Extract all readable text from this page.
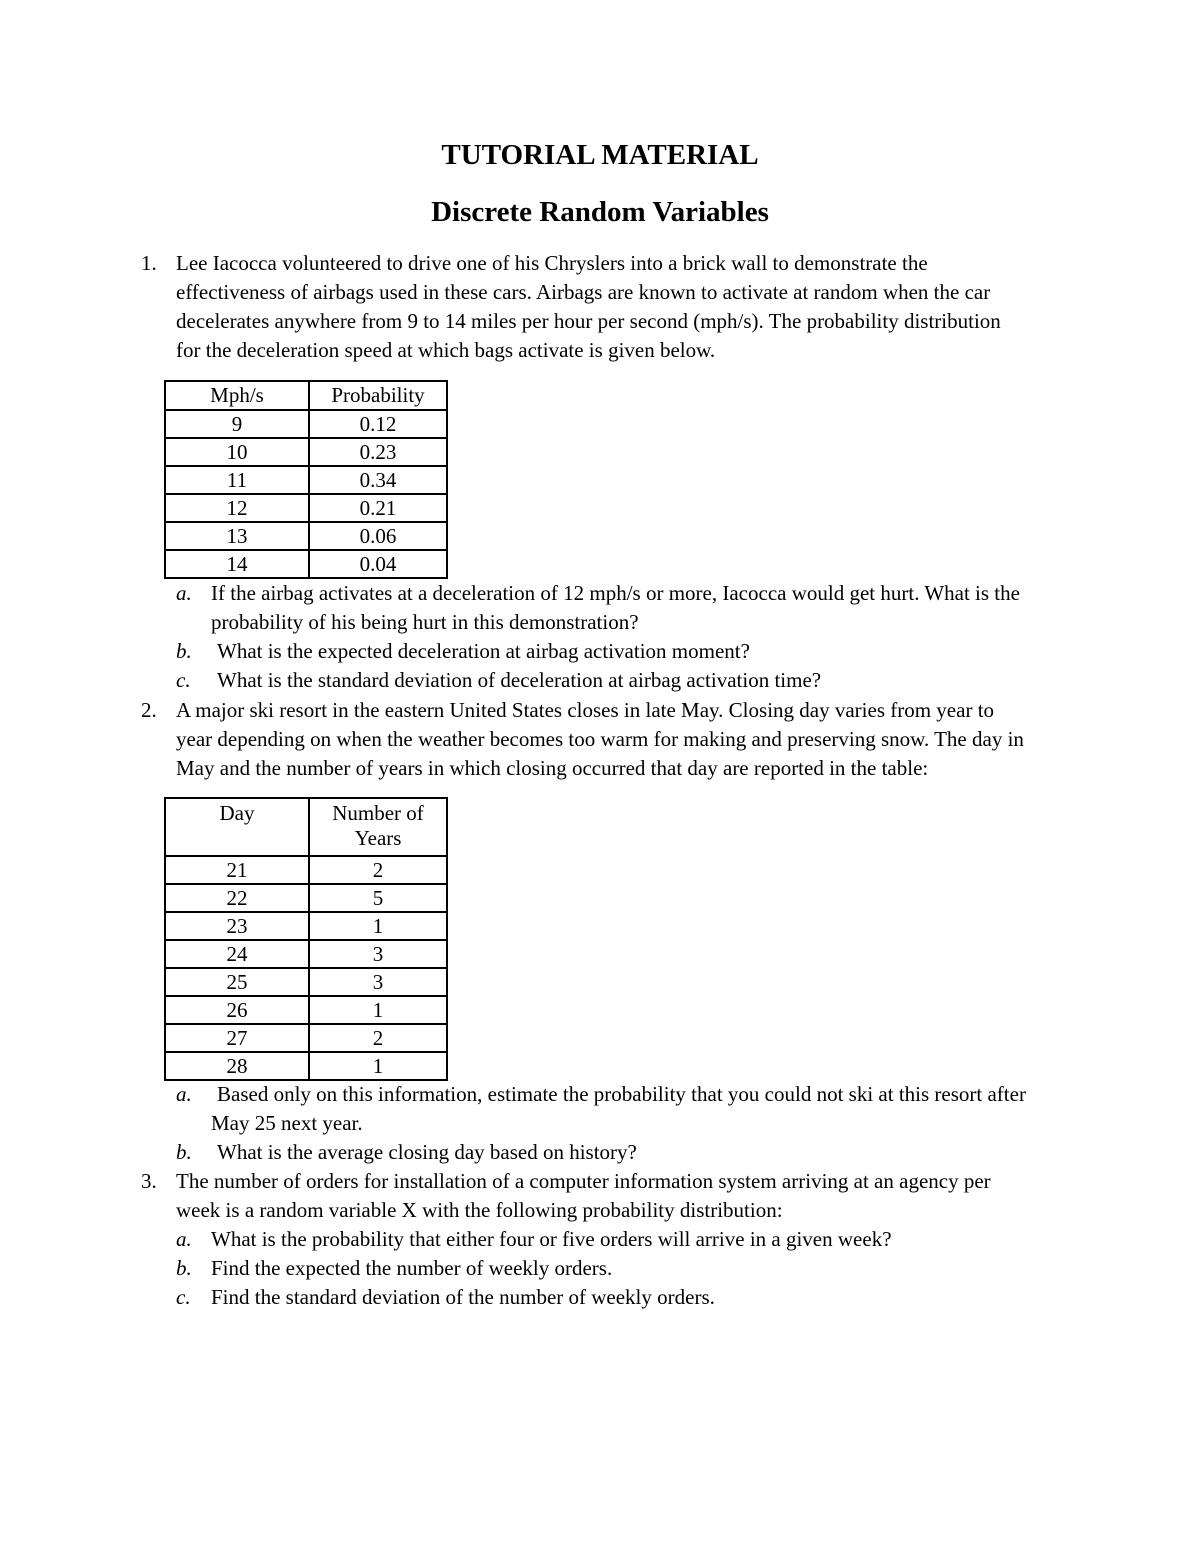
TUTORIAL MATERIAL
Discrete Random Variables
1. Lee Iacocca volunteered to drive one of his Chryslers into a brick wall to demonstrate the
effectiveness of airbags used in these cars. Airbags are known to activate at random when the car
decelerates anywhere from 9 to 14 miles per hour per second (mph/s). The probability distribution
for the deceleration speed at which bags activate is given below.
Mph/s	Probability
9	0.12
10	0.23
11	0.34
12	0.21
13	0.06
14	0.04
a. If the airbag activates at a deceleration of 12 mph/s or more, Iacocca would get hurt. What is the
probability of his being hurt in this demonstration?
b. What is the expected deceleration at airbag activation moment?
c. What is the standard deviation of deceleration at airbag activation time?
2. A major ski resort in the eastern United States closes in late May. Closing day varies from year to
year depending on when the weather becomes too warm for making and preserving snow. The day in
May and the number of years in which closing occurred that day are reported in the table:
Day	Number of
Years

21	2
22	5
23	1
24	3
25	3
26	1
27	2
28	1
a. Based only on this information, estimate the probability that you could not ski at this resort after
May 25 next year.
b. What is the average closing day based on history?
3. The number of orders for installation of a computer information system arriving at an agency per
week is a random variable X with the following probability distribution:
a. What is the probability that either four or five orders will arrive in a given week?
b. Find the expected the number of weekly orders.
c. Find the standard deviation of the number of weekly orders.
